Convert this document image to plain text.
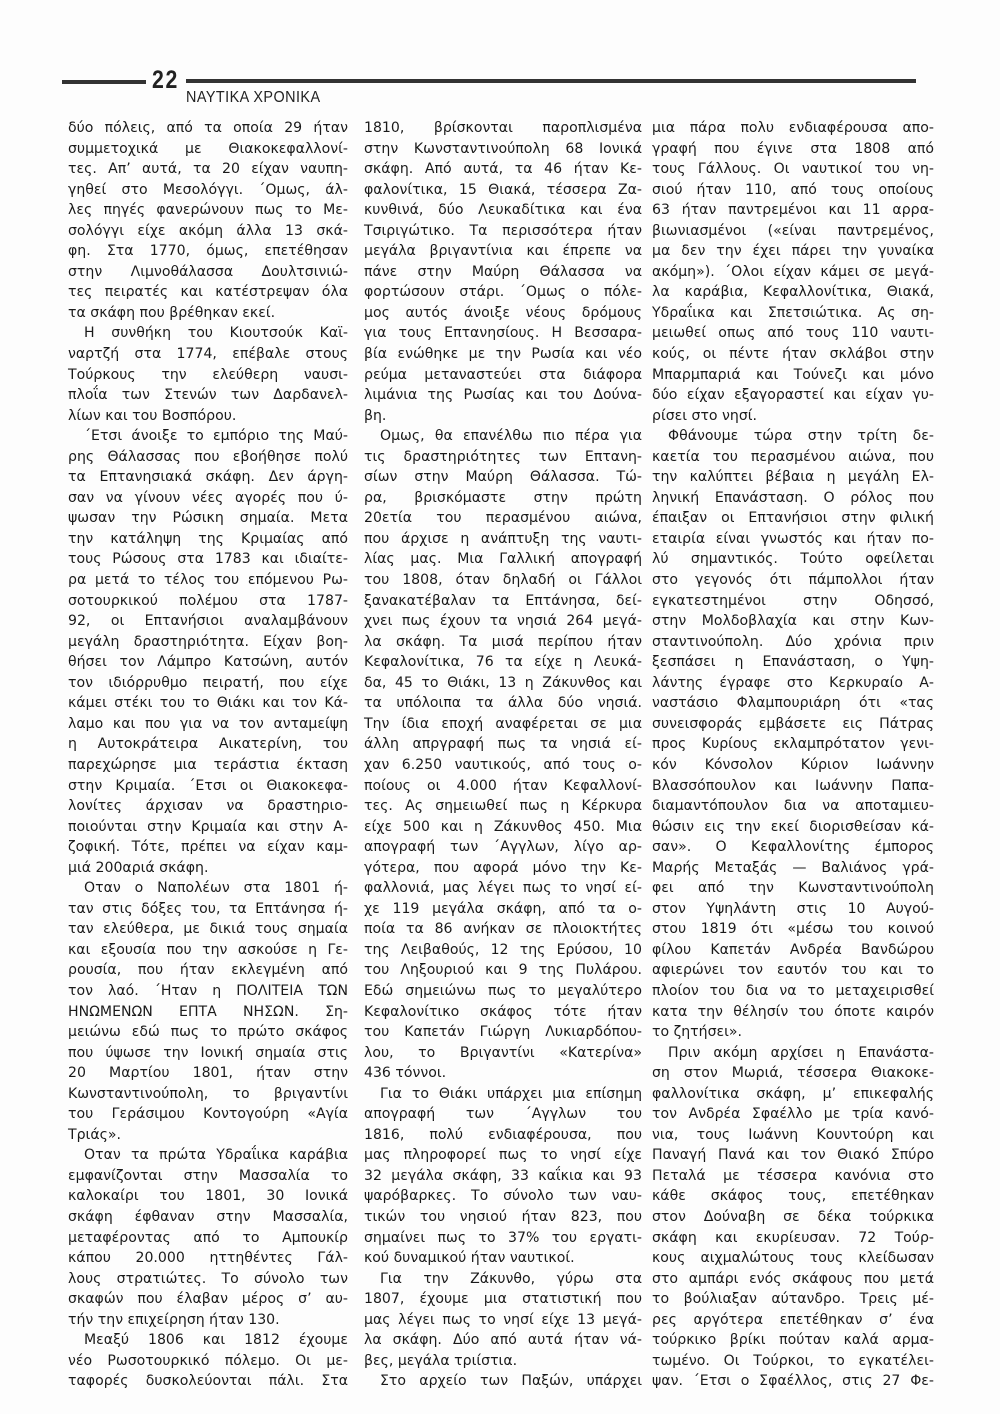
22
ΝΑΥΤΙΚΑ ΧΡΟΝΙΚΑ
δύο πόλεις, από τα οποία 29 ήταν
συμμετοχικά με Θιακοκεφαλλονί-
τες. Απ’ αυτά, τα 20 είχαν ναυπη-
γηθεί στο Μεσολόγγι. ΄Ομως, άλ-
λες πηγές φανερώνουν πως το Με-
σολόγγι είχε ακόμη άλλα 13 σκά-
φη. Στα 1770, όμως, επετέθησαν
στην Λιμνοθάλασσα Δουλτσινιώ-
τες πειρατές και κατέστρεψαν όλα
τα σκάφη που βρέθηκαν εκεί.
Η συνθήκη του Κιουτσούκ Καϊ-
ναρτζή στα 1774, επέβαλε στους
Τούρκους την ελεύθερη ναυσι-
πλοΐα των Στενών των Δαρδανελ-
λίων και του Βοσπόρου.
΄Ετσι άνοιξε το εμπόριο της Μαύ-
ρης Θάλασσας που εβοήθησε πολύ
τα Επτανησιακά σκάφη. Δεν άργη-
σαν να γίνουν νέες αγορές που ύ-
ψωσαν την Ρώσικη σημαία. Μετα
την κατάληψη της Κριμαίας από
τους Ρώσους στα 1783 και ιδιαίτε-
ρα μετά το τέλος του επόμενου Ρω-
σοτουρκικού πολέμου στα 1787-
92, οι Επτανήσιοι αναλαμβάνουν
μεγάλη δραστηριότητα. Είχαν βοη-
θήσει τον Λάμπρο Κατσώνη, αυτόν
τον ιδιόρρυθμο πειρατή, που είχε
κάμει στέκι του το Θιάκι και τον Κά-
λαμο και που για να τον ανταμείψη
η Αυτοκράτειρα Αικατερίνη, του
παρεχώρησε μια τεράστια έκταση
στην Κριμαία. ΄Ετσι οι Θιακοκεφα-
λονίτες άρχισαν να δραστηριο-
ποιούνται στην Κριμαία και στην Α-
ζοφική. Τότε, πρέπει να είχαν καμ-
μιά 200αριά σκάφη.
Οταν ο Ναπολέων στα 1801 ή-
ταν στις δόξες του, τα Επτάνησα ή-
ταν ελεύθερα, με δικιά τους σημαία
και εξουσία που την ασκούσε η Γε-
ρουσία, που ήταν εκλεγμένη από
τον λαό. ΄Ηταν η ΠΟΛΙΤΕΙΑ ΤΩΝ
ΗΝΩΜΕΝΩΝ ΕΠΤΑ ΝΗΣΩΝ. Ση-
μειώνω εδώ πως το πρώτο σκάφος
που ύψωσε την Ιονική σημαία στις
20 Μαρτίου 1801, ήταν στην
Κωνσταντινούπολη, το βριγαντίνι
του Γεράσιμου Κοντογούρη «Αγία
Τριάς».
Οταν τα πρώτα Υδραΐικα καράβια
εμφανίζονται στην Μασσαλία το
καλοκαίρι του 1801, 30 Ιονικά
σκάφη έφθαναν στην Μασσαλία,
μεταφέροντας από το Αμπουκίρ
κάπου 20.000 ηττηθέντες Γάλ-
λους στρατιώτες. Το σύνολο των
σκαφών που έλαβαν μέρος σ’ αυ-
τήν την επιχείρηση ήταν 130.
Μεαξύ 1806 και 1812 έχουμε
νέο Ρωσοτουρκικό πόλεμο. Οι με-
ταφορές δυσκολεύονται πάλι. Στα
1810, βρίσκονται παροπλισμένα
στην Κωνσταντινούπολη 68 Ιονικά
σκάφη. Από αυτά, τα 46 ήταν Κε-
φαλονίτικα, 15 Θιακά, τέσσερα Ζα-
κυνθινά, δύο Λευκαδίτικα και ένα
Τσιριγώτικο. Τα περισσότερα ήταν
μεγάλα βριγαντίνια και έπρεπε να
πάνε στην Μαύρη Θάλασσα να
φορτώσουν στάρι. ΄Ομως ο πόλε-
μος αυτός άνοιξε νέους δρόμους
για τους Επτανησίους. Η Βεσσαρα-
βία ενώθηκε με την Ρωσία και νέο
ρεύμα μεταναστεύει στα διάφορα
λιμάνια της Ρωσίας και του Δούνα-
βη.
Ομως, θα επανέλθω πιο πέρα για
τις δραστηριότητες των Επτανη-
σίων στην Μαύρη Θάλασσα. Τώ-
ρα, βρισκόμαστε στην πρώτη
20ετία του περασμένου αιώνα,
που άρχισε η ανάπτυξη της ναυτι-
λίας μας. Μια Γαλλική απογραφή
του 1808, όταν δηλαδή οι Γάλλοι
ξανακατέβαλαν τα Επτάνησα, δεί-
χνει πως έχουν τα νησιά 264 μεγά-
λα σκάφη. Τα μισά περίπου ήταν
Κεφαλονίτικα, 76 τα είχε η Λευκά-
δα, 45 το Θιάκι, 13 η Ζάκυνθος και
τα υπόλοιπα τα άλλα δύο νησιά.
Την ίδια εποχή αναφέρεται σε μια
άλλη απργραφή πως τα νησιά εί-
χαν 6.250 ναυτικούς, από τους ο-
ποίους οι 4.000 ήταν Κεφαλλονί-
τες. Ας σημειωθεί πως η Κέρκυρα
είχε 500 και η Ζάκυνθος 450. Μια
απογραφή των ΄Αγγλων, λίγο αρ-
γότερα, που αφορά μόνο την Κε-
φαλλονιά, μας λέγει πως το νησί εί-
χε 119 μεγάλα σκάφη, από τα ο-
ποία τα 86 ανήκαν σε πλοιοκτήτες
της Λειβαθούς, 12 της Ερύσου, 10
του Ληξουριού και 9 της Πυλάρου.
Εδώ σημειώνω πως το μεγαλύτερο
Κεφαλονίτικο σκάφος τότε ήταν
του Καπετάν Γιώργη Λυκιαρδόπου-
λου, το Βριγαντίνι «Κατερίνα»
436 τόννοι.
Για το Θιάκι υπάρχει μια επίσημη
απογραφή των ΄Αγγλων του
1816, πολύ ενδιαφέρουσα, που
μας πληροφορεί πως το νησί είχε
32 μεγάλα σκάφη, 33 καΐκια και 93
ψαρόβαρκες. Το σύνολο των ναυ-
τικών του νησιού ήταν 823, που
σημαίνει πως το 37% του εργατι-
κού δυναμικού ήταν ναυτικοί.
Για την Ζάκυνθο, γύρω στα
1807, έχουμε μια στατιστική που
μας λέγει πως το νησί είχε 13 μεγά-
λα σκάφη. Δύο από αυτά ήταν νά-
βες, μεγάλα τριίστια.
Στο αρχείο των Παξών, υπάρχει
μια πάρα πολυ ενδιαφέρουσα απο-
γραφή που έγινε στα 1808 από
τους Γάλλους. Οι ναυτικοί του νη-
σιού ήταν 110, από τους οποίους
63 ήταν παντρεμένοι και 11 αρρα-
βιωνιασμένοι («είναι παντρεμένος,
μα δεν την έχει πάρει την γυναίκα
ακόμη»). ΄Ολοι είχαν κάμει σε μεγά-
λα καράβια, Κεφαλλονίτικα, Θιακά,
Υδραΐικα και Σπετσιώτικα. Ας ση-
μειωθεί οπως από τους 110 ναυτι-
κούς, οι πέντε ήταν σκλάβοι στην
Μπαρμπαριά και Τούνεζι και μόνο
δύο είχαν εξαγοραστεί και είχαν γυ-
ρίσει στο νησί.
Φθάνουμε τώρα στην τρίτη δε-
καετία του περασμένου αιώνα, που
την καλύπτει βέβαια η μεγάλη Ελ-
ληνική Επανάσταση. Ο ρόλος που
έπαιξαν οι Επτανήσιοι στην φιλική
εταιρία είναι γνωστός και ήταν πο-
λύ σημαντικός. Τούτο οφείλεται
στο γεγονός ότι πάμπολλοι ήταν
εγκατεστημένοι στην Οδησσό,
στην Μολδοβλαχία και στην Κων-
σταντινούπολη. Δύο χρόνια πριν
ξεσπάσει η Επανάσταση, ο Υψη-
λάντης έγραφε στο Κερκυραίο Α-
ναστάσιο Φλαμπουριάρη ότι «τας
συνεισφοράς εμβάσετε εις Πάτρας
προς Κυρίους εκλαμπρότατον γενι-
κόν Κόνσολον Κύριον Ιωάννην
Βλασσόπουλον και Ιωάννην Παπα-
διαμαντόπουλον δια να αποταμιευ-
θώσιν εις την εκεί διορισθείσαν κά-
σαν». Ο Κεφαλλονίτης έμπορος
Μαρής Μεταξάς — Βαλιάνος γρά-
φει από την Κωνσταντινούπολη
στον Υψηλάντη στις 10 Αυγού-
στου 1819 ότι «μέσω του κοινού
φίλου Καπετάν Ανδρέα Βανδώρου
αφιερώνει τον εαυτόν του και το
πλοίον του δια να το μεταχειρισθεί
κατα την θέλησίν του όποτε καιρόν
το ζητήσει».
Πριν ακόμη αρχίσει η Επανάστα-
ση στον Μωριά, τέσσερα Θιακοκε-
φαλλονίτικα σκάφη, μ’ επικεφαλής
τον Ανδρέα Σφαέλλο με τρία κανό-
νια, τους Ιωάννη Κουντούρη και
Παναγή Πανά και τον Θιακό Σπύρο
Πεταλά με τέσσερα κανόνια στο
κάθε σκάφος τους, επετέθηκαν
στον Δούναβη σε δέκα τούρκικα
σκάφη και εκυρίευσαν. 72 Τούρ-
κους αιχμαλώτους τους κλείδωσαν
στο αμπάρι ενός σκάφους που μετά
το βούλιαξαν αύτανδρο. Τρεις μέ-
ρες αργότερα επετέθηκαν σ’ ένα
τούρκικο βρίκι πούταν καλά αρμα-
τωμένο. Οι Τούρκοι, το εγκατέλει-
ψαν. ΄Ετσι ο Σφαέλλος, στις 27 Φε-
